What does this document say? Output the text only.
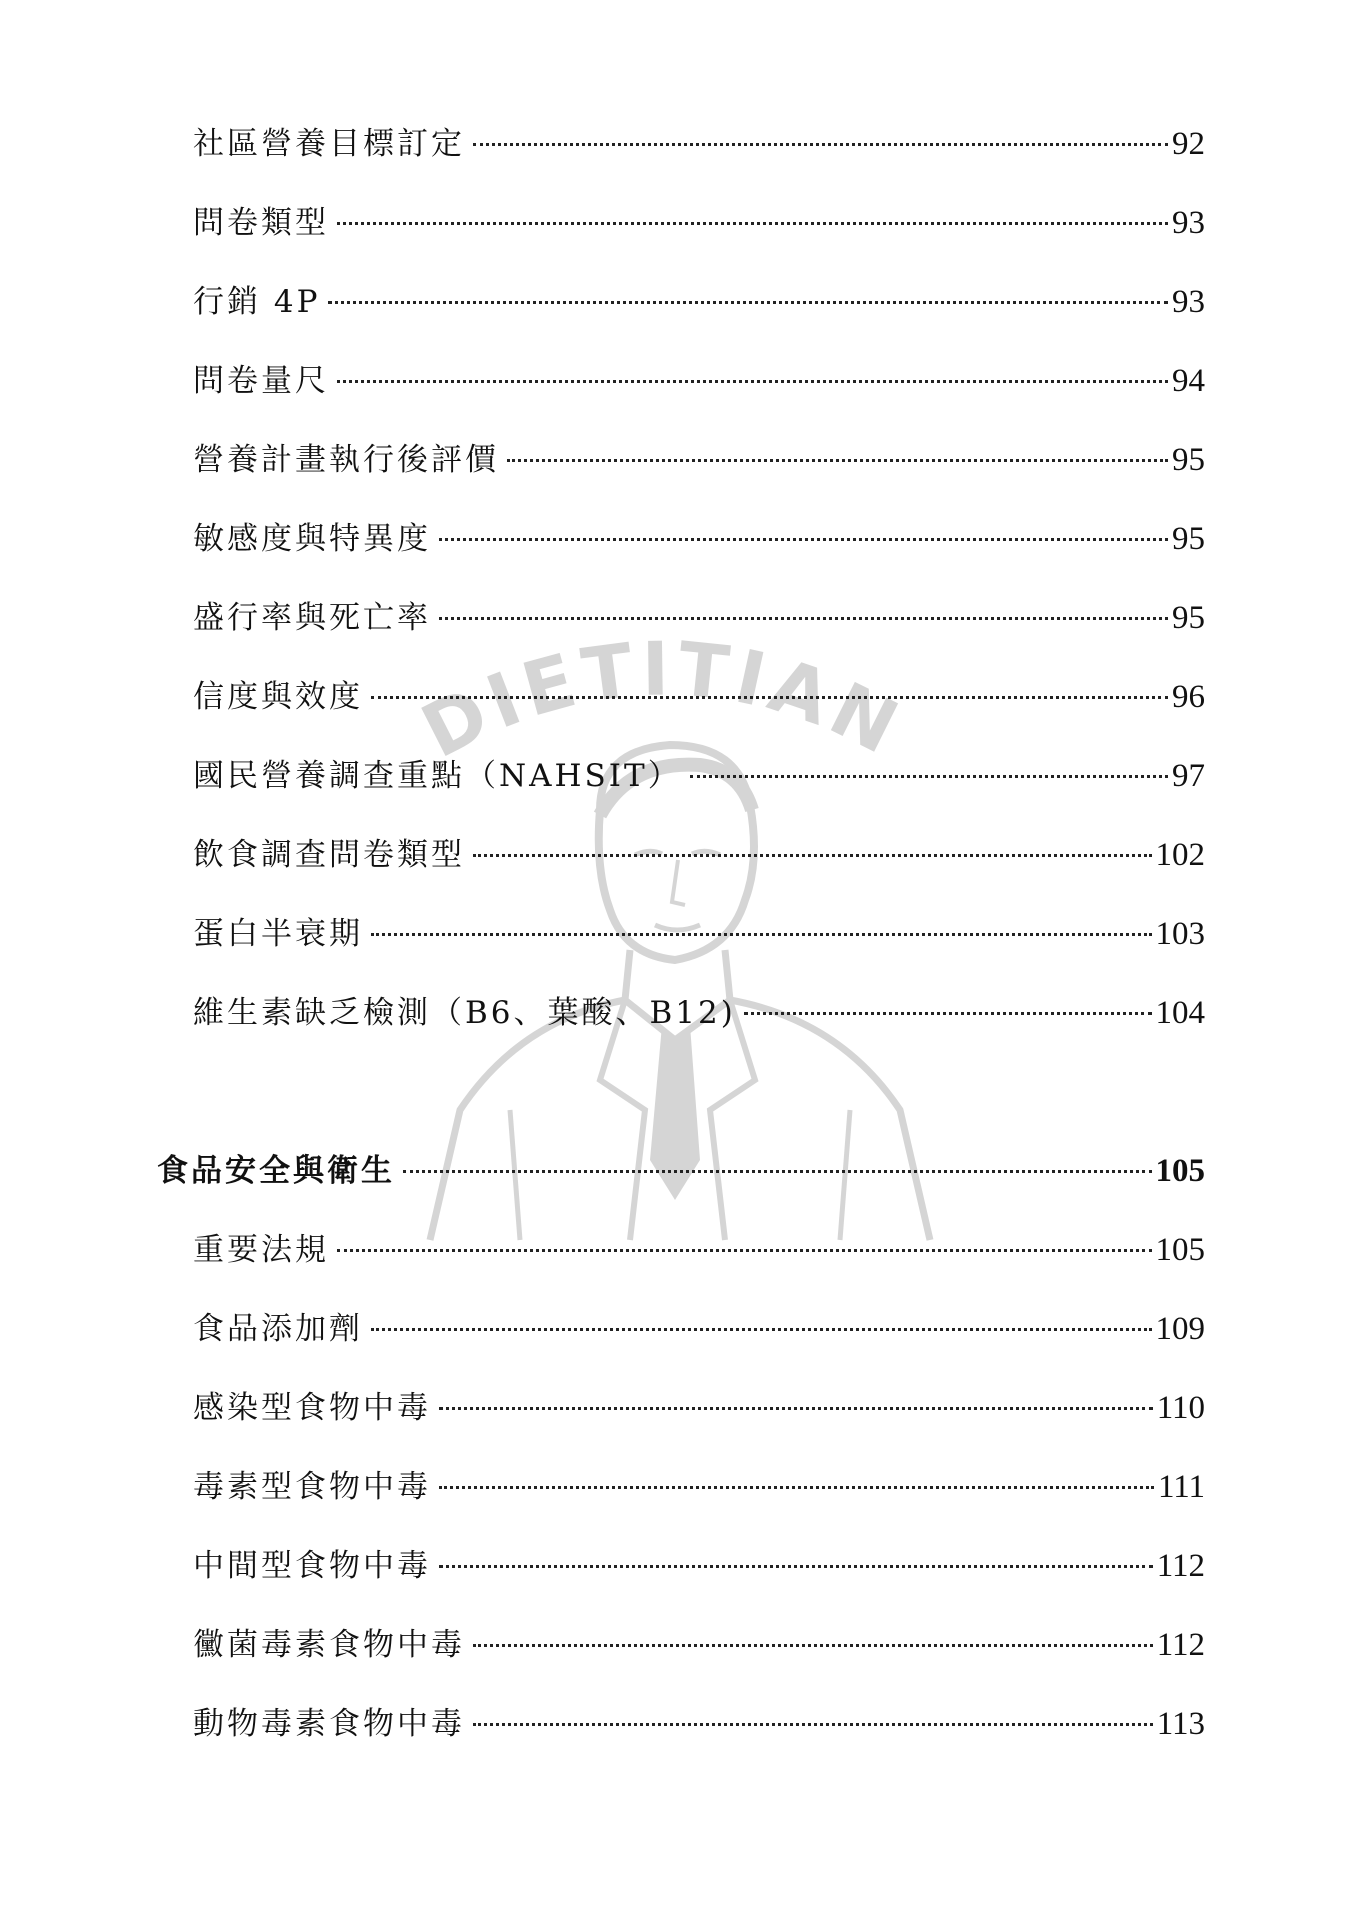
DIETITIAN
社區營養目標訂定	92
問卷類型	93
行銷 4P	93
問卷量尺	94
營養計畫執行後評價	95
敏感度與特異度	95
盛行率與死亡率	95
信度與效度	96
國民營養調查重點（NAHSIT）	97
飲食調查問卷類型	102
蛋白半衰期	103
維生素缺乏檢測（B6、葉酸、B12)	104
食品安全與衛生	105
重要法規	105
食品添加劑	109
感染型食物中毒	110
毒素型食物中毒	111
中間型食物中毒	112
黴菌毒素食物中毒	112
動物毒素食物中毒	113
